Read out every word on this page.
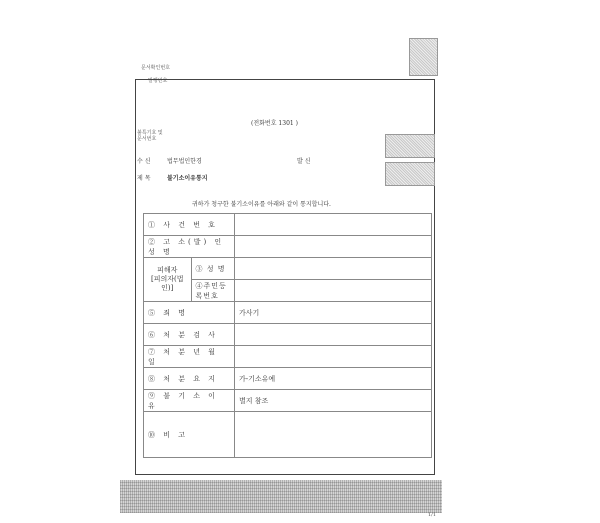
문서확인번호
발행번호
(전화번호 1301 )
불특기호 및
문서번호
수 신	법무법인한경	발 신
제 목	불기소이유통지
귀하가 청구한 불기소이유를 아래와 같이 통지합니다.
① 사 건 번 호		
② 고 소(발) 인 성 명		

피해자
[피의자(법인)]	③ 성 명	
	④주민등록번호	
⑤ 죄 명		가사기
⑥ 처 분 검 사		
⑦ 처 분 년 월 일		
⑧ 처 분 요 지		가-기소유예
⑨ 불 기 소 이 유		별지 참조
⑩ 비 고		
1/1
